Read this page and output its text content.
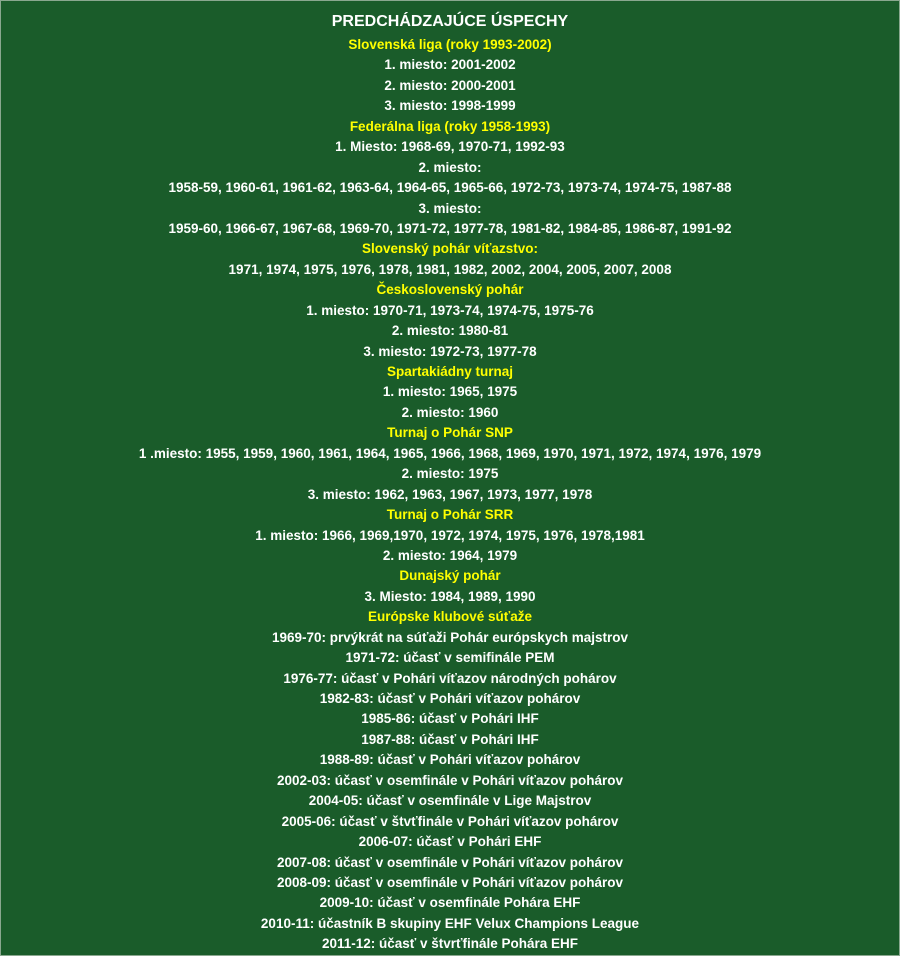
PREDCHÁDZAJÚCE ÚSPECHY
Slovenská liga (roky 1993-2002)
1. miesto: 2001-2002
2. miesto: 2000-2001
3. miesto: 1998-1999
Federálna liga (roky 1958-1993)
1. Miesto: 1968-69, 1970-71, 1992-93
2. miesto:
1958-59, 1960-61, 1961-62, 1963-64, 1964-65, 1965-66, 1972-73, 1973-74, 1974-75, 1987-88
3. miesto:
1959-60, 1966-67, 1967-68, 1969-70, 1971-72, 1977-78, 1981-82, 1984-85, 1986-87, 1991-92
Slovenský pohár víťazstvo:
1971, 1974, 1975, 1976, 1978, 1981, 1982, 2002, 2004, 2005, 2007, 2008
Československý pohár
1. miesto: 1970-71, 1973-74, 1974-75, 1975-76
2. miesto: 1980-81
3. miesto: 1972-73, 1977-78
Spartakiádny turnaj
1. miesto: 1965, 1975
2. miesto: 1960
Turnaj o Pohár SNP
1 .miesto: 1955, 1959, 1960, 1961, 1964, 1965, 1966, 1968, 1969, 1970, 1971, 1972, 1974, 1976, 1979
2. miesto: 1975
3. miesto: 1962, 1963, 1967, 1973, 1977, 1978
Turnaj o Pohár SRR
1. miesto: 1966, 1969,1970, 1972, 1974, 1975, 1976, 1978,1981
2. miesto: 1964, 1979
Dunajský pohár
3. Miesto: 1984, 1989, 1990
Európske klubové súťaže
1969-70: prvýkrát na súťaži Pohár európskych majstrov
1971-72: účasť v semifinále PEM
1976-77: účasť v Pohári víťazov národných pohárov
1982-83: účasť v Pohári víťazov pohárov
1985-86: účasť v Pohári IHF
1987-88: účasť v Pohári IHF
1988-89: účasť v Pohári víťazov pohárov
2002-03: účasť v osemfinále v Pohári víťazov pohárov
2004-05: účasť v osemfinále v Lige Majstrov
2005-06: účasť v štvťfinále v Pohári víťazov pohárov
2006-07: účasť v Pohári EHF
2007-08: účasť v osemfinále v Pohári víťazov pohárov
2008-09: účasť v osemfinále v Pohári víťazov pohárov
2009-10: účasť v osemfinále Pohára EHF
2010-11: účastník B skupiny EHF Velux Champions League
2011-12: účasť v štvrťfinále Pohára EHF
